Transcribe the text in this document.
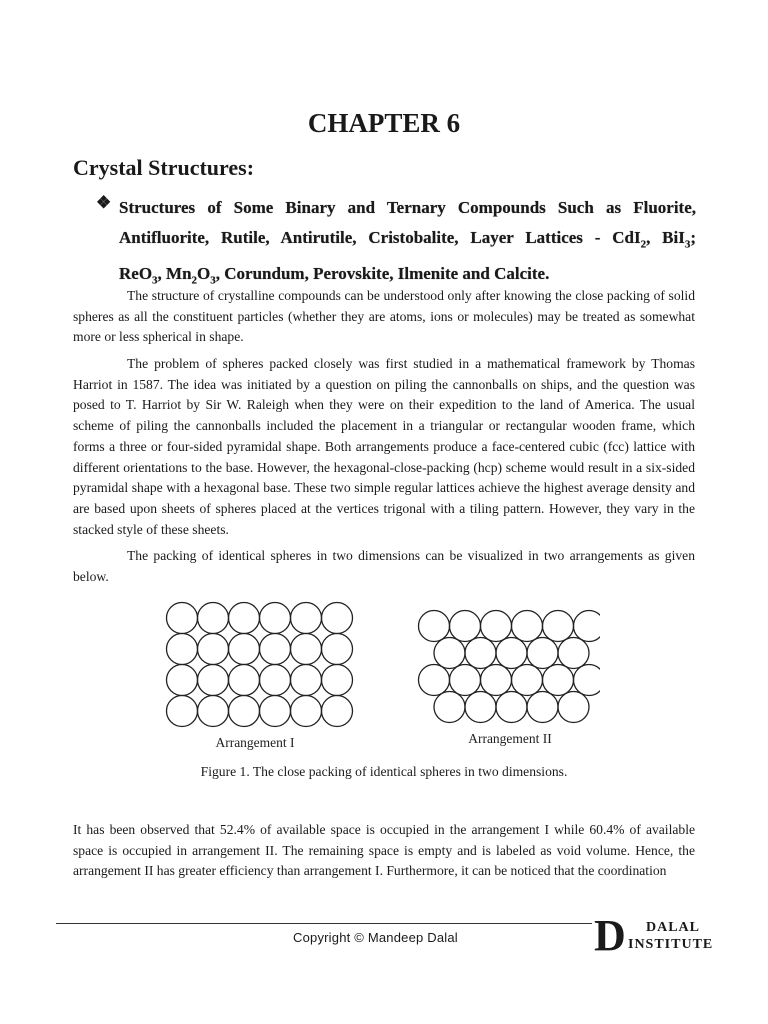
CHAPTER 6
Crystal Structures:
❖ Structures of Some Binary and Ternary Compounds Such as Fluorite,
Antifluorite, Rutile, Antirutile, Cristobalite, Layer Lattices - CdI$_2$, BiI$_3$;
ReO$_3$, $Mn_2O_3$, Corundum, Perovskite, Ilmenite and Calcite.

The structure of crystalline compounds can be understood only after knowing the close packing of solid spheres as all the constituent particles (whether they are atoms, ions or molecules) may be treated as somewhat more or less spherical in shape.

The problem of spheres packed closely was first studied in a mathematical framework by Thomas Harriot in 1587. The idea was initiated by a question on piling the cannonballs on ships, and the question was posed to T. Harriot by Sir W. Raleigh when they were on their expedition to the land of America. The usual scheme of piling the cannonballs included the placement in a triangular or rectangular wooden frame, which forms a three or four-sided pyramidal shape. Both arrangements produce a face-centered cubic (fcc) lattice with different orientations to the base. However, the hexagonal-close-packing (hcp) scheme would result in a six-sided pyramidal shape with a hexagonal base. These two simple regular lattices achieve the highest average density and are based upon sheets of spheres placed at the vertices trigonal with a tiling pattern. However, they vary in the stacked style of these sheets.

The packing of identical spheres in two dimensions can be visualized in two arrangements as given below.

Arrangement I	Arrangement II
Figure 1. The close packing of identical spheres in two dimensions.

It has been observed that 52.4% of available space is occupied in the arrangement I while 60.4% of available space is occupied in arrangement II. The remaining space is empty and is labeled as void volume. Hence, the arrangement II has greater efficiency than arrangement I. Furthermore, it can be noticed that the coordination

Copyright © Mandeep Dalal	D DALAL
INSTITUTE
